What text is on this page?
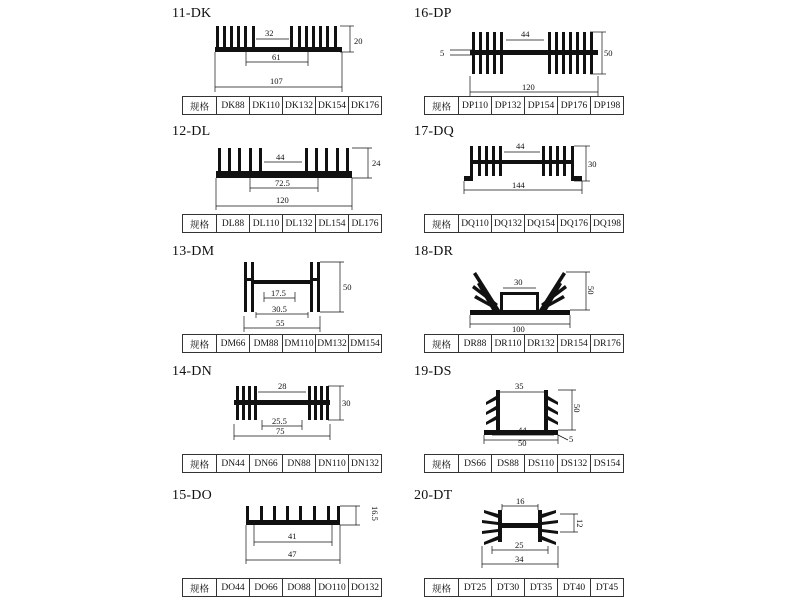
11-DK
32
20
61
107
规格	DK88	DK110	DK132	DK154	DK176
12-DL
44
24
72.5
120
规格	DL88	DL110	DL132	DL154	DL176
13-DM
50
17.5
30.5
55
规格	DM66	DM88	DM110	DM132	DM154
14-DN
28
30
25.5
75
规格	DN44	DN66	DN88	DN110	DN132
15-DO
16.5
41
47
规格	DO44	DO66	DO88	DO110	DO132
16-DP
44
5	50
120
规格	DP110	DP132	DP154	DP176	DP198
17-DQ
44
30
144
规格	DQ110	DQ132	DQ154	DQ176	DQ198
18-DR
30
50
100
规格	DR88	DR110	DR132	DR154	DR176
19-DS
35
50
44
50	5
规格	DS66	DS88	DS110	DS132	DS154
20-DT	16
12
25
34
规格	DT25	DT30	DT35	DT40	DT45
